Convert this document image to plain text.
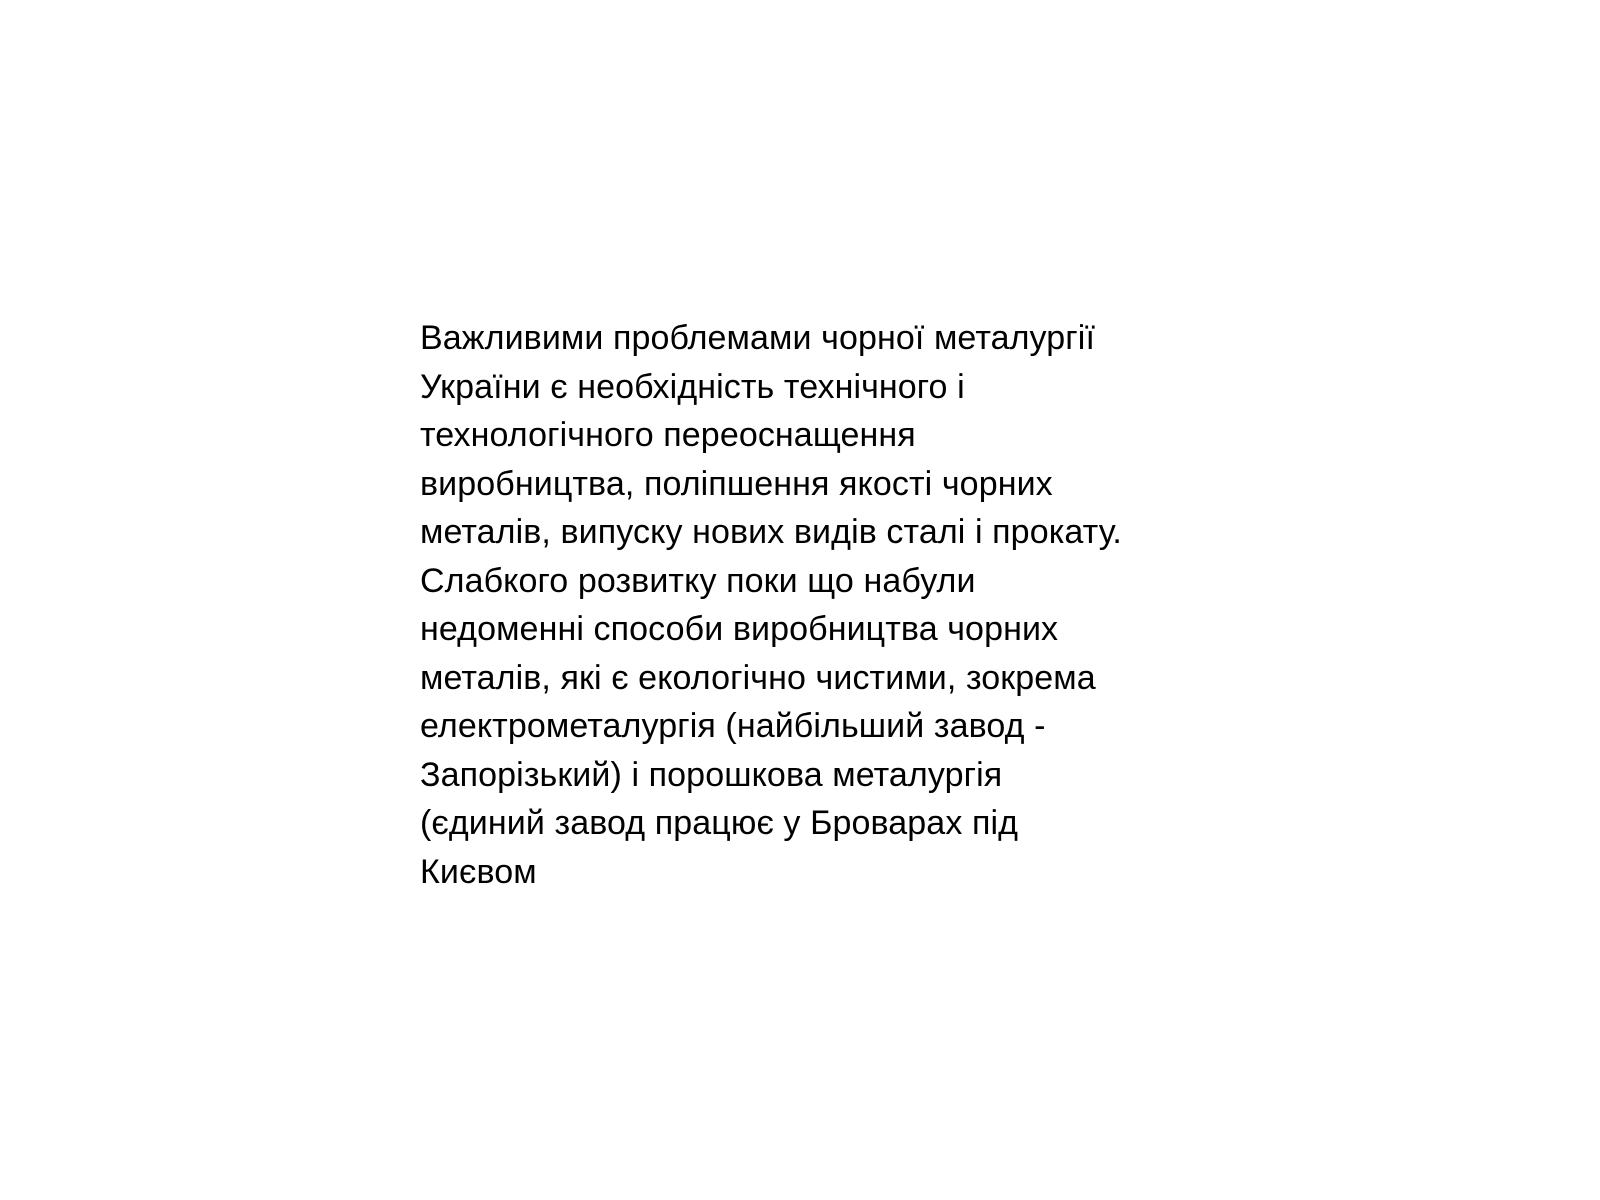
Важливими проблемами чорної металургії
України є необхідність технічного і
технологічного переоснащення
виробництва, поліпшення якості чорних
металів, випуску нових видів сталі і прокату.
Слабкого розвитку поки що набули
недоменні способи виробництва чорних
металів, які є екологічно чистими, зокрема
електрометалургія (найбільший завод -
Запорізький) і порошкова металургія
(єдиний завод працює у Броварах під
Києвом
